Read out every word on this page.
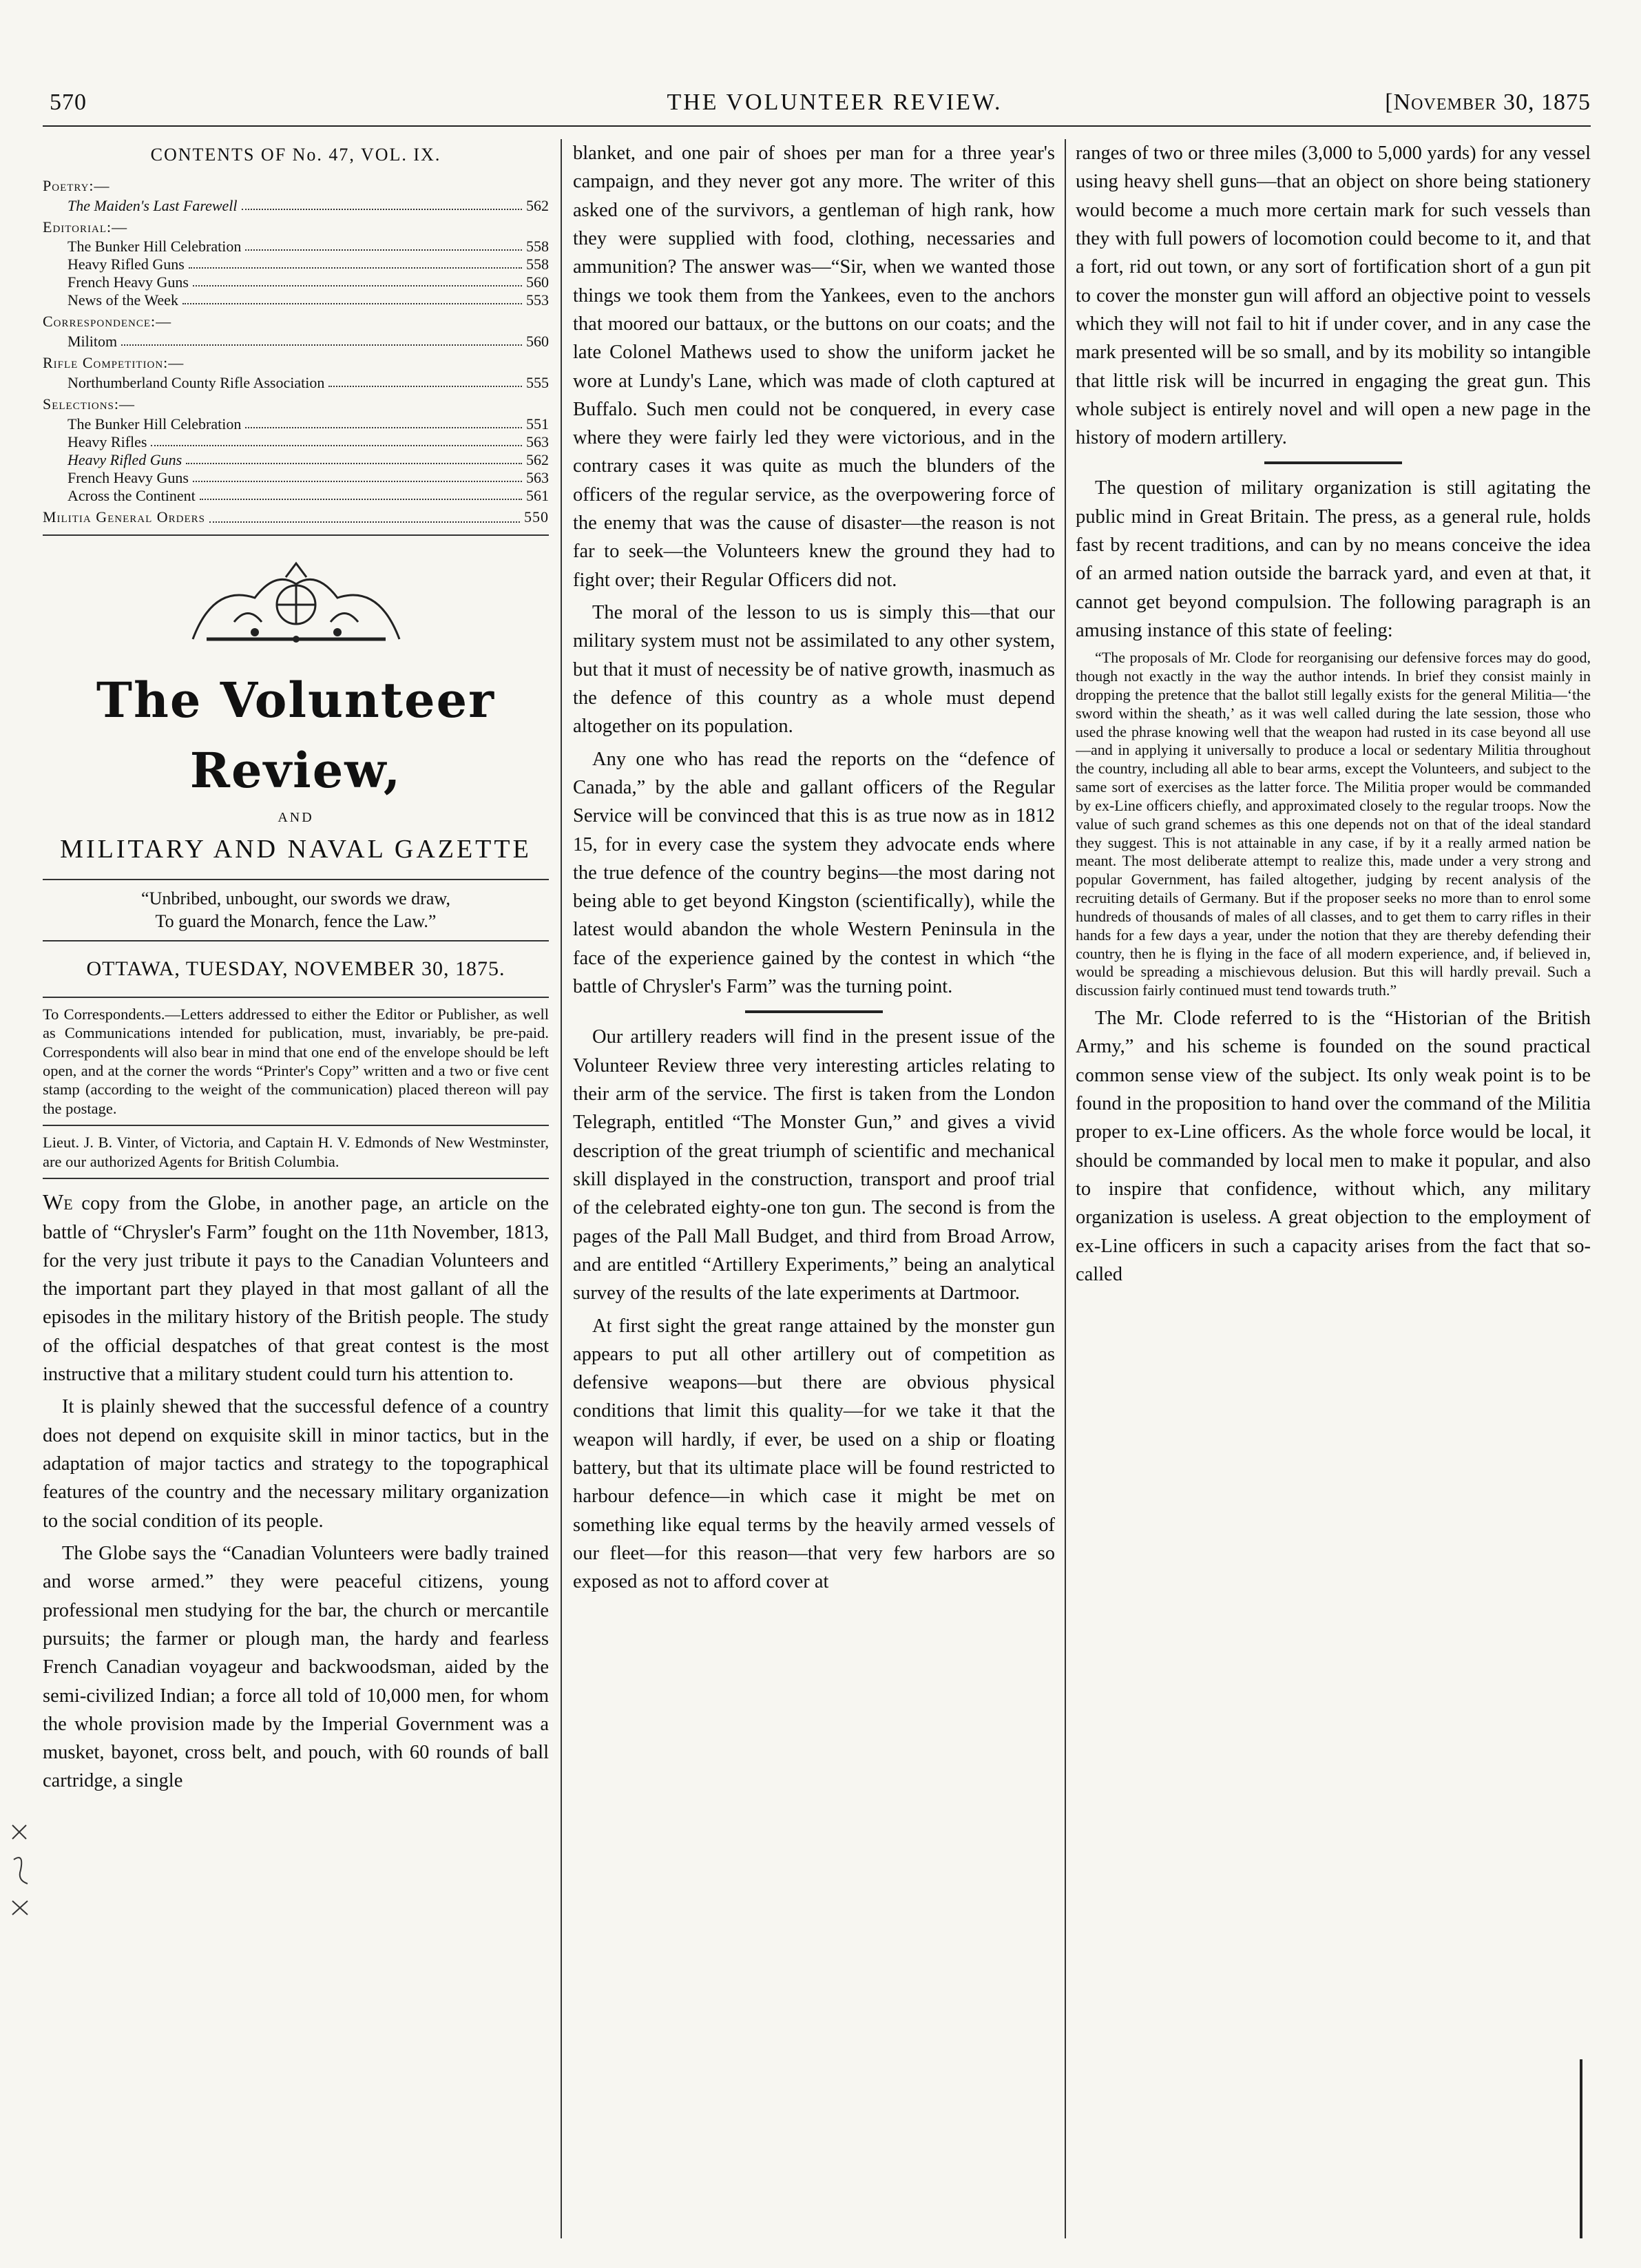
570	THE VOLUNTEER REVIEW.	[November 30, 1875
CONTENTS OF No. 47, VOL. IX.
Poetry:—
The Maiden's Last Farewell	562
Editorial:—
The Bunker Hill Celebration	558
Heavy Rifled Guns	558
French Heavy Guns	560
News of the Week	553
Correspondence:—
Militom	560
Rifle Competition:—
Northumberland County Rifle Association	555
Selections:—
The Bunker Hill Celebration	551
Heavy Rifles	563
Heavy Rifled Guns	562
French Heavy Guns	563
Across the Continent	561
Militia General Orders	550
The Volunteer Review,
AND
MILITARY AND NAVAL GAZETTE
“Unbribed, unbought, our swords we draw,
To guard the Monarch, fence the Law.”
OTTAWA, TUESDAY, NOVEMBER 30, 1875.

To Correspondents.—Letters addressed to either the Editor or Publisher, as well as Communications intended for publication, must, invariably, be pre-paid. Correspondents will also bear in mind that one end of the envelope should be left open, and at the corner the words “Printer's Copy” written and a two or five cent stamp (according to the weight of the communication) placed thereon will pay the postage.

Lieut. J. B. Vinter, of Victoria, and Captain H. V. Edmonds of New Westminster, are our authorized Agents for British Columbia.

We copy from the Globe, in another page, an article on the battle of “Chrysler's Farm” fought on the 11th November, 1813, for the very just tribute it pays to the Canadian Volunteers and the important part they played in that most gallant of all the episodes in the military history of the British people. The study of the official despatches of that great contest is the most instructive that a military student could turn his attention to.

It is plainly shewed that the successful defence of a country does not depend on exquisite skill in minor tactics, but in the adaptation of major tactics and strategy to the topographical features of the country and the necessary military organization to the social condition of its people.

The Globe says the “Canadian Volunteers were badly trained and worse armed.” they were peaceful citizens, young professional men studying for the bar, the church or mercantile pursuits; the farmer or plough man, the hardy and fearless French Canadian voyageur and backwoodsman, aided by the semi-civilized Indian; a force all told of 10,000 men, for whom the whole provision made by the Imperial Government was a musket, bayonet, cross belt, and pouch, with 60 rounds of ball cartridge, a single

blanket, and one pair of shoes per man for a three year's campaign, and they never got any more. The writer of this asked one of the survivors, a gentleman of high rank, how they were supplied with food, clothing, necessaries and ammunition? The answer was—“Sir, when we wanted those things we took them from the Yankees, even to the anchors that moored our battaux, or the buttons on our coats; and the late Colonel Mathews used to show the uniform jacket he wore at Lundy's Lane, which was made of cloth captured at Buffalo. Such men could not be conquered, in every case where they were fairly led they were victorious, and in the contrary cases it was quite as much the blunders of the officers of the regular service, as the overpowering force of the enemy that was the cause of disaster—the reason is not far to seek—the Volunteers knew the ground they had to fight over; their Regular Officers did not.

The moral of the lesson to us is simply this—that our military system must not be assimilated to any other system, but that it must of necessity be of native growth, inasmuch as the defence of this country as a whole must depend altogether on its population.

Any one who has read the reports on the “defence of Canada,” by the able and gallant officers of the Regular Service will be convinced that this is as true now as in 1812 15, for in every case the system they advocate ends where the true defence of the country begins—the most daring not being able to get beyond Kingston (scientifically), while the latest would abandon the whole Western Peninsula in the face of the experience gained by the contest in which “the battle of Chrysler's Farm” was the turning point.

Our artillery readers will find in the present issue of the Volunteer Review three very interesting articles relating to their arm of the service. The first is taken from the London Telegraph, entitled “The Monster Gun,” and gives a vivid description of the great triumph of scientific and mechanical skill displayed in the construction, transport and proof trial of the celebrated eighty-one ton gun. The second is from the pages of the Pall Mall Budget, and third from Broad Arrow, and are entitled “Artillery Experiments,” being an analytical survey of the results of the late experiments at Dartmoor.

At first sight the great range attained by the monster gun appears to put all other artillery out of competition as defensive weapons—but there are obvious physical conditions that limit this quality—for we take it that the weapon will hardly, if ever, be used on a ship or floating battery, but that its ultimate place will be found restricted to harbour defence—in which case it might be met on something like equal terms by the heavily armed vessels of our fleet—for this reason—that very few harbors are so exposed as not to afford cover at

ranges of two or three miles (3,000 to 5,000 yards) for any vessel using heavy shell guns—that an object on shore being stationery would become a much more certain mark for such vessels than they with full powers of locomotion could become to it, and that a fort, rid out town, or any sort of fortification short of a gun pit to cover the monster gun will afford an objective point to vessels which they will not fail to hit if under cover, and in any case the mark presented will be so small, and by its mobility so intangible that little risk will be incurred in engaging the great gun. This whole subject is entirely novel and will open a new page in the history of modern artillery.

The question of military organization is still agitating the public mind in Great Britain. The press, as a general rule, holds fast by recent traditions, and can by no means conceive the idea of an armed nation outside the barrack yard, and even at that, it cannot get beyond compulsion. The following paragraph is an amusing instance of this state of feeling:

“The proposals of Mr. Clode for reorganising our defensive forces may do good, though not exactly in the way the author intends. In brief they consist mainly in dropping the pretence that the ballot still legally exists for the general Militia—‘the sword within the sheath,’ as it was well called during the late session, those who used the phrase knowing well that the weapon had rusted in its case beyond all use—and in applying it universally to produce a local or sedentary Militia throughout the country, including all able to bear arms, except the Volunteers, and subject to the same sort of exercises as the latter force. The Militia proper would be commanded by ex-Line officers chiefly, and approximated closely to the regular troops. Now the value of such grand schemes as this one depends not on that of the ideal standard they suggest. This is not attainable in any case, if by it a really armed nation be meant. The most deliberate attempt to realize this, made under a very strong and popular Government, has failed altogether, judging by recent analysis of the recruiting details of Germany. But if the proposer seeks no more than to enrol some hundreds of thousands of males of all classes, and to get them to carry rifles in their hands for a few days a year, under the notion that they are thereby defending their country, then he is flying in the face of all modern experience, and, if believed in, would be spreading a mischievous delusion. But this will hardly prevail. Such a discussion fairly continued must tend towards truth.”

The Mr. Clode referred to is the “Historian of the British Army,” and his scheme is founded on the sound practical common sense view of the subject. Its only weak point is to be found in the proposition to hand over the command of the Militia proper to ex-Line officers. As the whole force would be local, it should be commanded by local men to make it popular, and also to inspire that confidence, without which, any military organization is useless. A great objection to the employment of ex-Line officers in such a capacity arises from the fact that so-called
